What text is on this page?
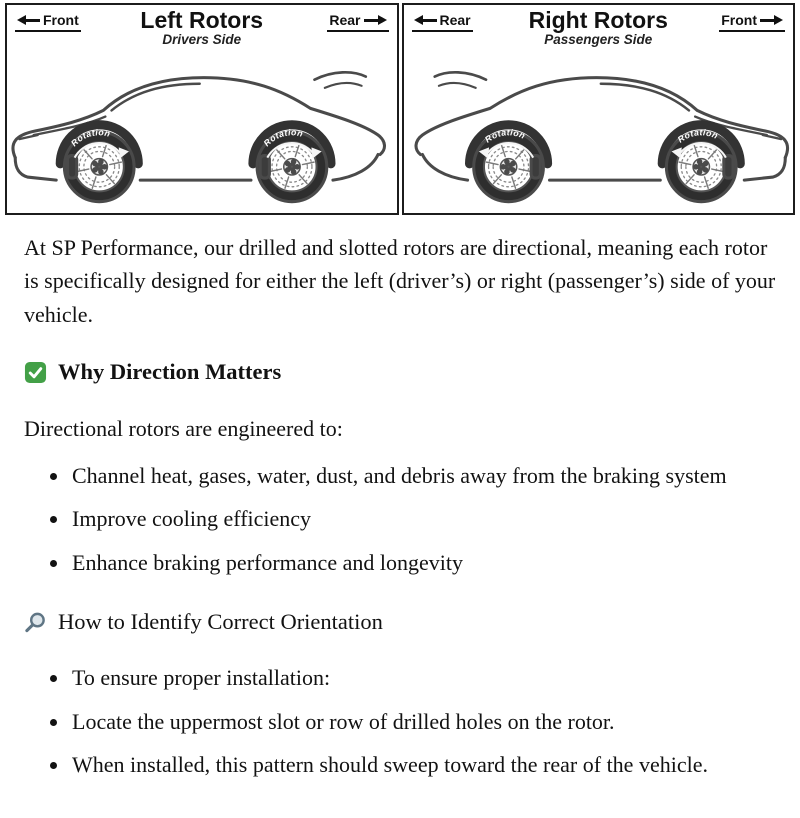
Front	Rear
Left Rotors
Drivers Side
Rotation
Rotation
Rear	Front
Right Rotors
Passengers Side
Rotation	Rotation

At SP Performance, our drilled and slotted rotors are directional, meaning each rotor is specifically designed for either the left (driver’s) or right (passenger’s) side of your vehicle.

Why Direction Matters

Directional rotors are engineered to:

• Channel heat, gases, water, dust, and debris away from the braking system
• Improve cooling efficiency
• Enhance braking performance and longevity
How to Identify Correct Orientation
• To ensure proper installation:
• Locate the uppermost slot or row of drilled holes on the rotor.
• When installed, this pattern should sweep toward the rear of the vehicle.
